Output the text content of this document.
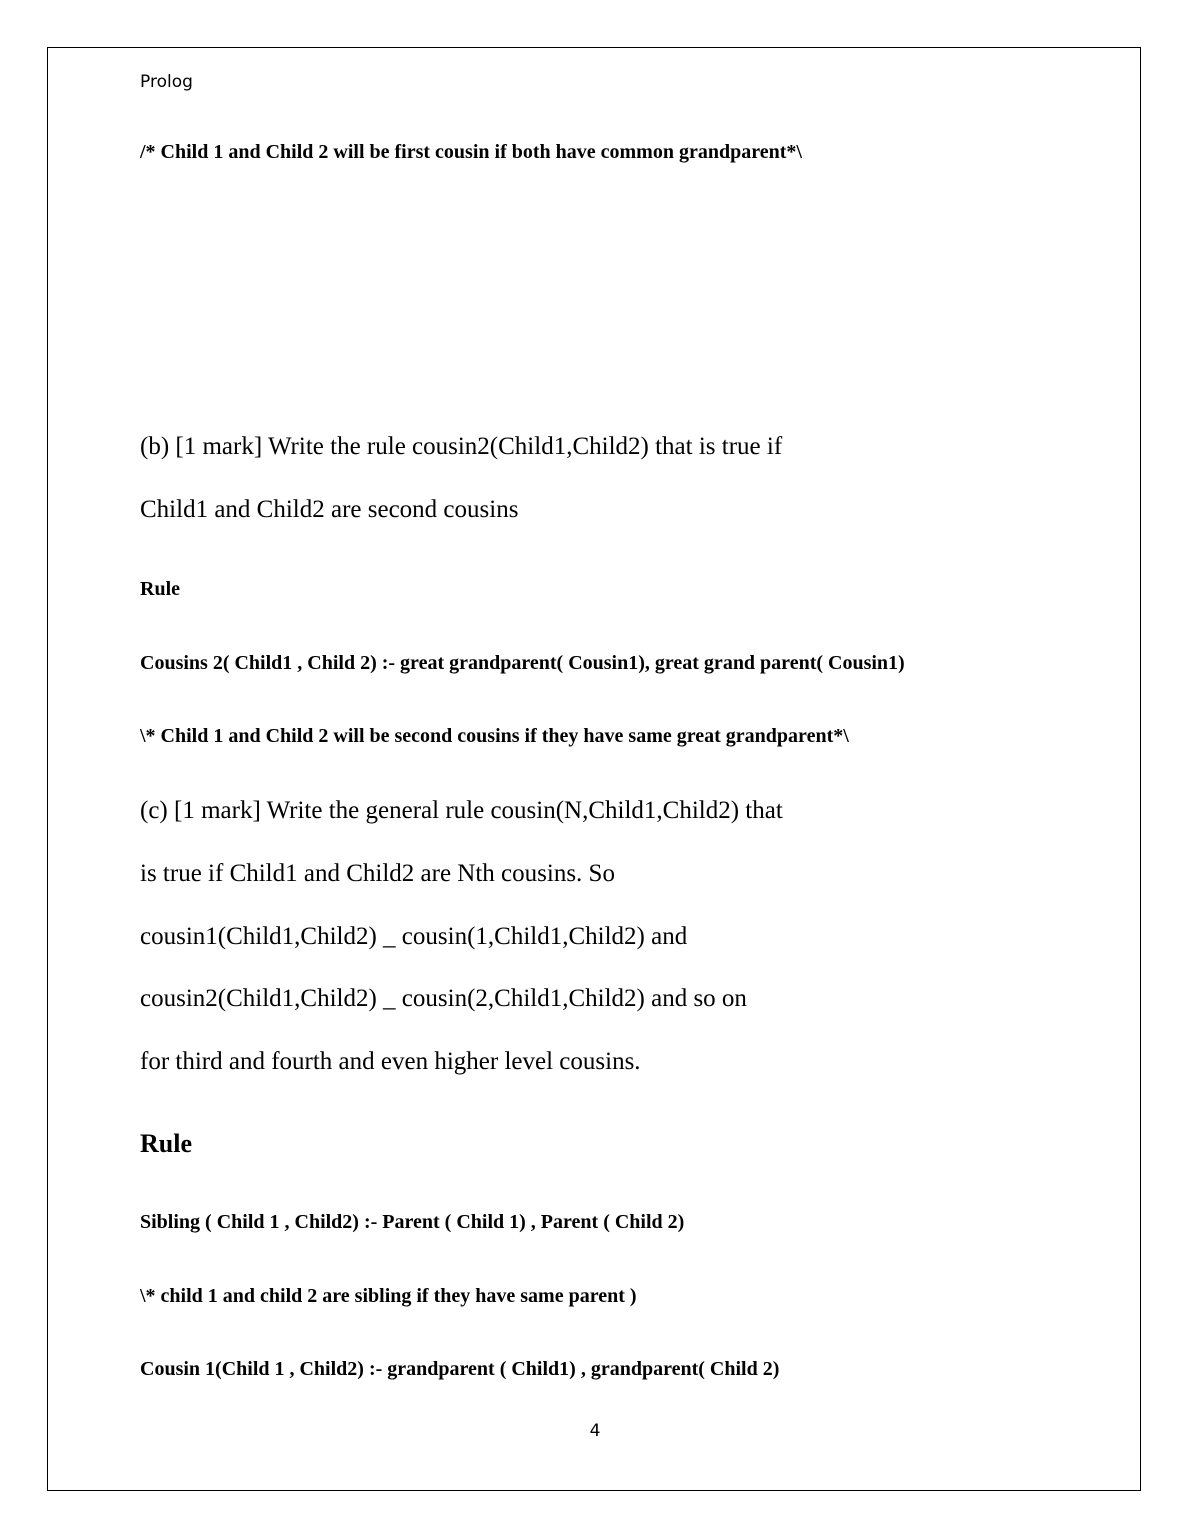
Prolog
/* Child 1 and Child 2 will be first cousin if both have common grandparent*\
(b) [1 mark] Write the rule cousin2(Child1,Child2) that is true if
Child1 and Child2 are second cousins
Rule
Cousins 2( Child1 , Child 2) :- great grandparent( Cousin1), great grand parent( Cousin1)
\* Child 1 and Child 2 will be second cousins if they have same great grandparent*\
(c) [1 mark] Write the general rule cousin(N,Child1,Child2) that
is true if Child1 and Child2 are Nth cousins. So
cousin1(Child1,Child2) _ cousin(1,Child1,Child2) and
cousin2(Child1,Child2) _ cousin(2,Child1,Child2) and so on
for third and fourth and even higher level cousins.
Rule
Sibling ( Child 1 , Child2) :- Parent ( Child 1) , Parent ( Child 2)
\* child 1 and child 2 are sibling if they have same parent )
Cousin 1(Child 1 , Child2) :- grandparent ( Child1) , grandparent( Child 2)
4
